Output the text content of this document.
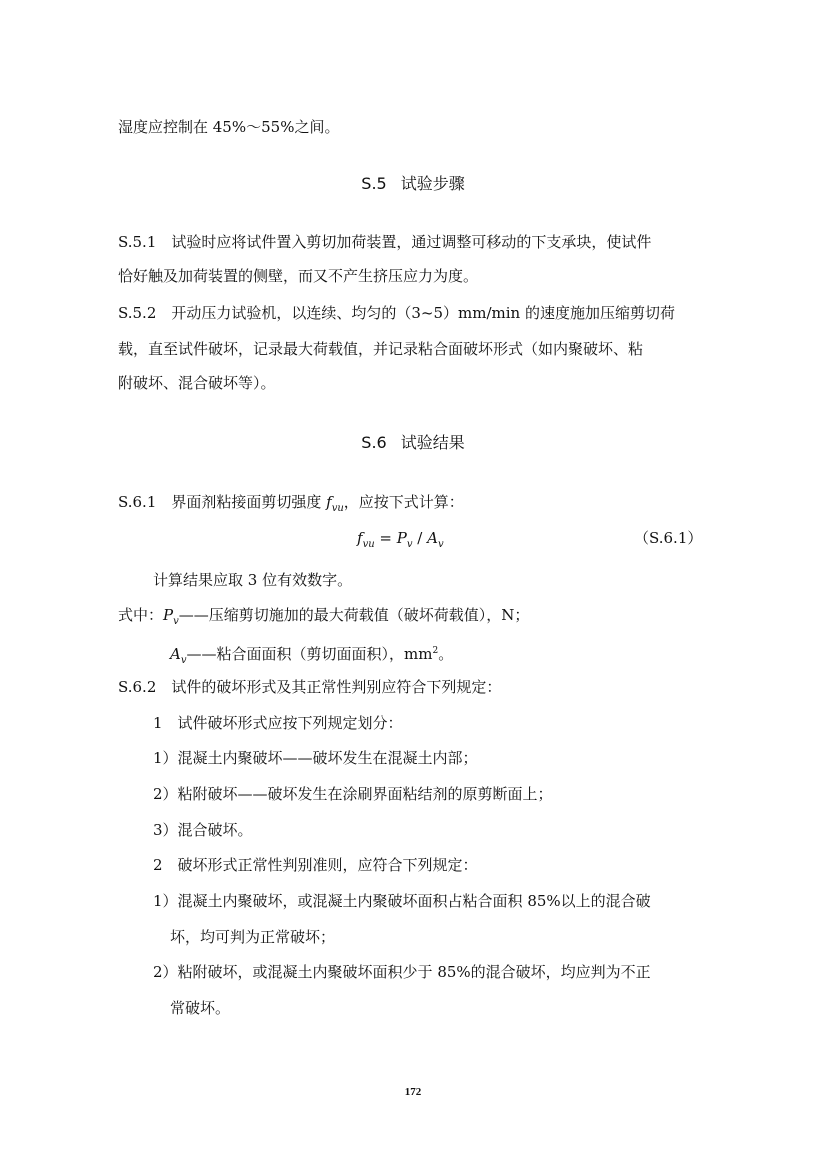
湿度应控制在 45%～55%之间。
S.5 试验步骤
S.5.1　试验时应将试件置入剪切加荷装置，通过调整可移动的下支承块，使试件
恰好触及加荷装置的侧壁，而又不产生挤压应力为度。
S.5.2　开动压力试验机，以连续、均匀的（3~5）mm/min 的速度施加压缩剪切荷
载，直至试件破坏，记录最大荷载值，并记录粘合面破坏形式（如内聚破坏、粘
附破坏、混合破坏等）。
S.6 试验结果
S.6.1　界面剂粘接面剪切强度 $f_{vu}$，应按下式计算：
$f_{vu} = P_v / A_v$	（S.6.1）
计算结果应取 3 位有效数字。
式中：$P_v——$压缩剪切施加的最大荷载值（破坏荷载值），N；
$A_v——$粘合面面积（剪切面面积），$mm^2$。
S.6.2　试件的破坏形式及其正常性判别应符合下列规定：
1　试件破坏形式应按下列规定划分：
1）混凝土内聚破坏——破坏发生在混凝土内部；
2）粘附破坏——破坏发生在涂刷界面粘结剂的原剪断面上；
3）混合破坏。
2　破坏形式正常性判别准则，应符合下列规定：
1）混凝土内聚破坏，或混凝土内聚破坏面积占粘合面积 85%以上的混合破
坏，均可判为正常破坏；
2）粘附破坏，或混凝土内聚破坏面积少于 85%的混合破坏，均应判为不正
常破坏。
172
